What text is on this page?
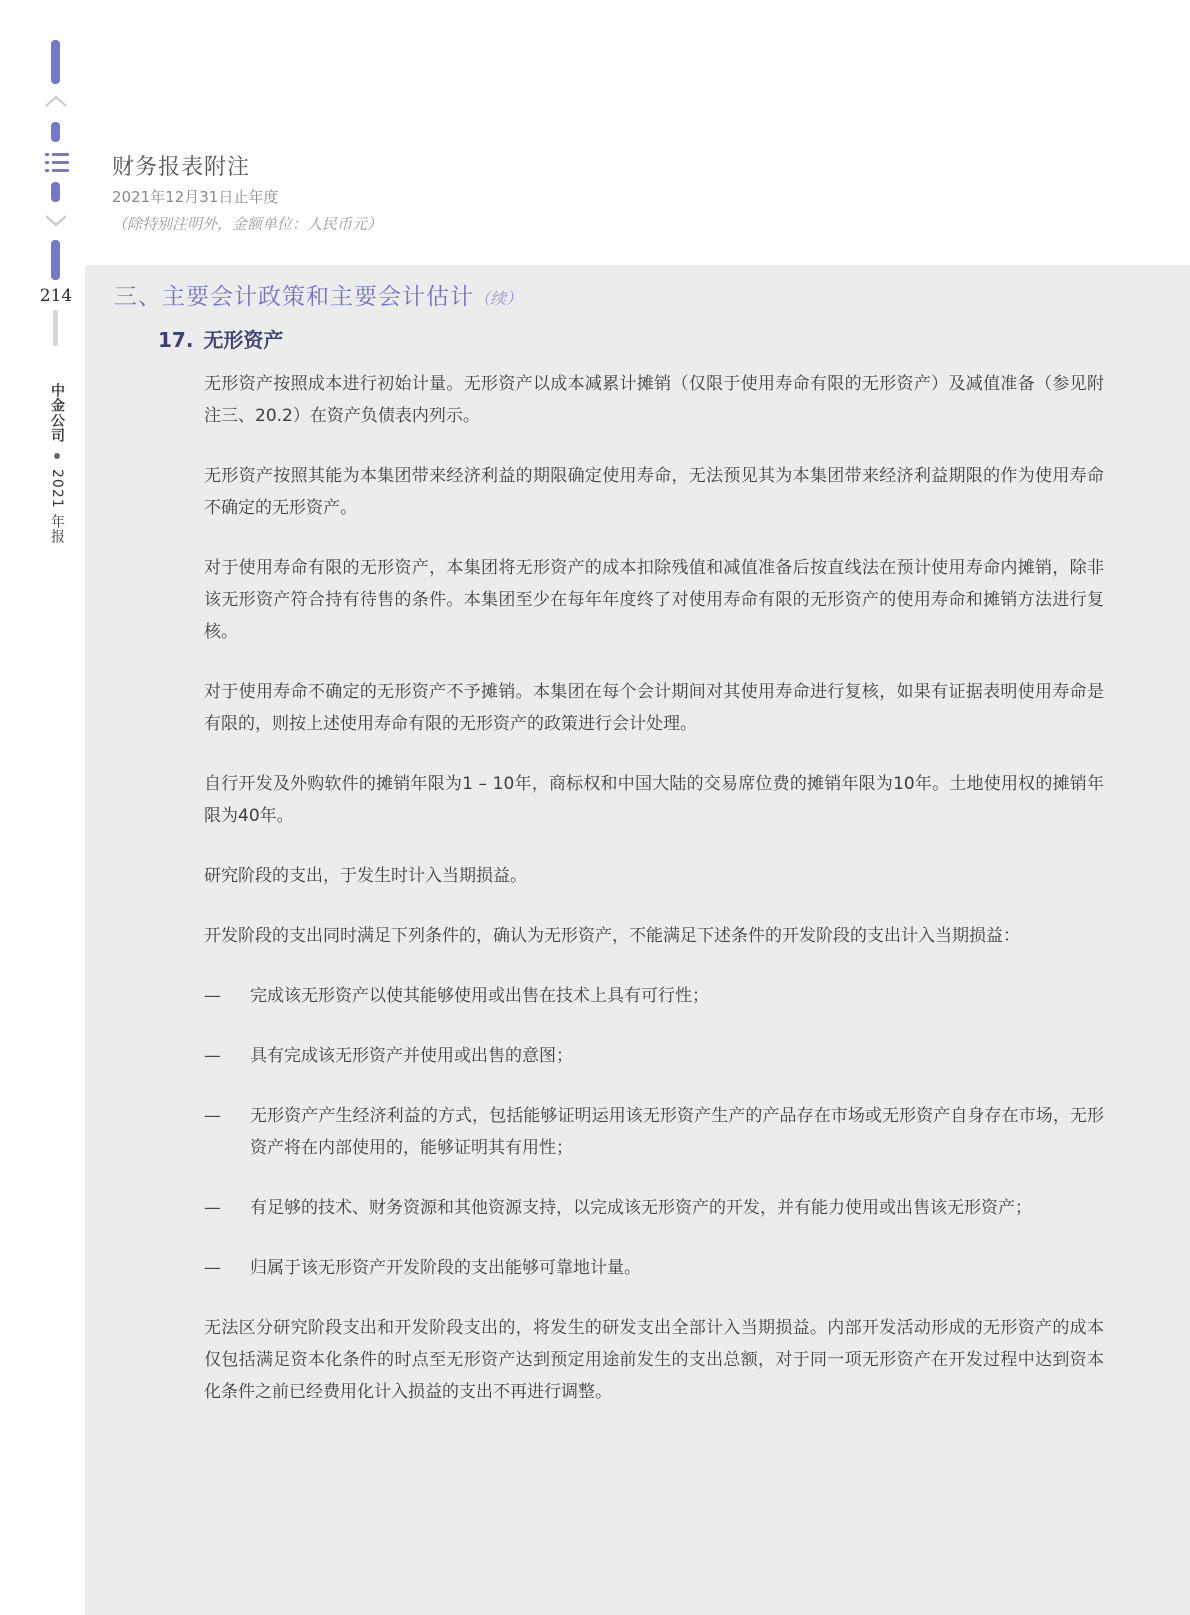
214
中金公司2021 年报
财务报表附注
2021年12月31日止年度
（除特别注明外，金额单位：人民币元）
三、主要会计政策和主要会计估计（续）
17. 无形资产

无形资产按照成本进行初始计量。无形资产以成本减累计摊销（仅限于使用寿命有限的无形资产）及减值准备（参见附注三、20.2）在资产负债表内列示。

无形资产按照其能为本集团带来经济利益的期限确定使用寿命，无法预见其为本集团带来经济利益期限的作为使用寿命不确定的无形资产。

对于使用寿命有限的无形资产，本集团将无形资产的成本扣除残值和减值准备后按直线法在预计使用寿命内摊销，除非该无形资产符合持有待售的条件。本集团至少在每年年度终了对使用寿命有限的无形资产的使用寿命和摊销方法进行复核。

对于使用寿命不确定的无形资产不予摊销。本集团在每个会计期间对其使用寿命进行复核，如果有证据表明使用寿命是有限的，则按上述使用寿命有限的无形资产的政策进行会计处理。

自行开发及外购软件的摊销年限为1 – 10年，商标权和中国大陆的交易席位费的摊销年限为10年。土地使用权的摊销年限为40年。

研究阶段的支出，于发生时计入当期损益。

开发阶段的支出同时满足下列条件的，确认为无形资产，不能满足下述条件的开发阶段的支出计入当期损益：

—	完成该无形资产以使其能够使用或出售在技术上具有可行性；
—	具有完成该无形资产并使用或出售的意图；
—	无形资产产生经济利益的方式，包括能够证明运用该无形资产生产的产品存在市场或无形资产自身存在市场，无形资产将在内部使用的，能够证明其有用性；
—	有足够的技术、财务资源和其他资源支持，以完成该无形资产的开发，并有能力使用或出售该无形资产；
—	归属于该无形资产开发阶段的支出能够可靠地计量。

无法区分研究阶段支出和开发阶段支出的，将发生的研发支出全部计入当期损益。内部开发活动形成的无形资产的成本仅包括满足资本化条件的时点至无形资产达到预定用途前发生的支出总额，对于同一项无形资产在开发过程中达到资本化条件之前已经费用化计入损益的支出不再进行调整。
